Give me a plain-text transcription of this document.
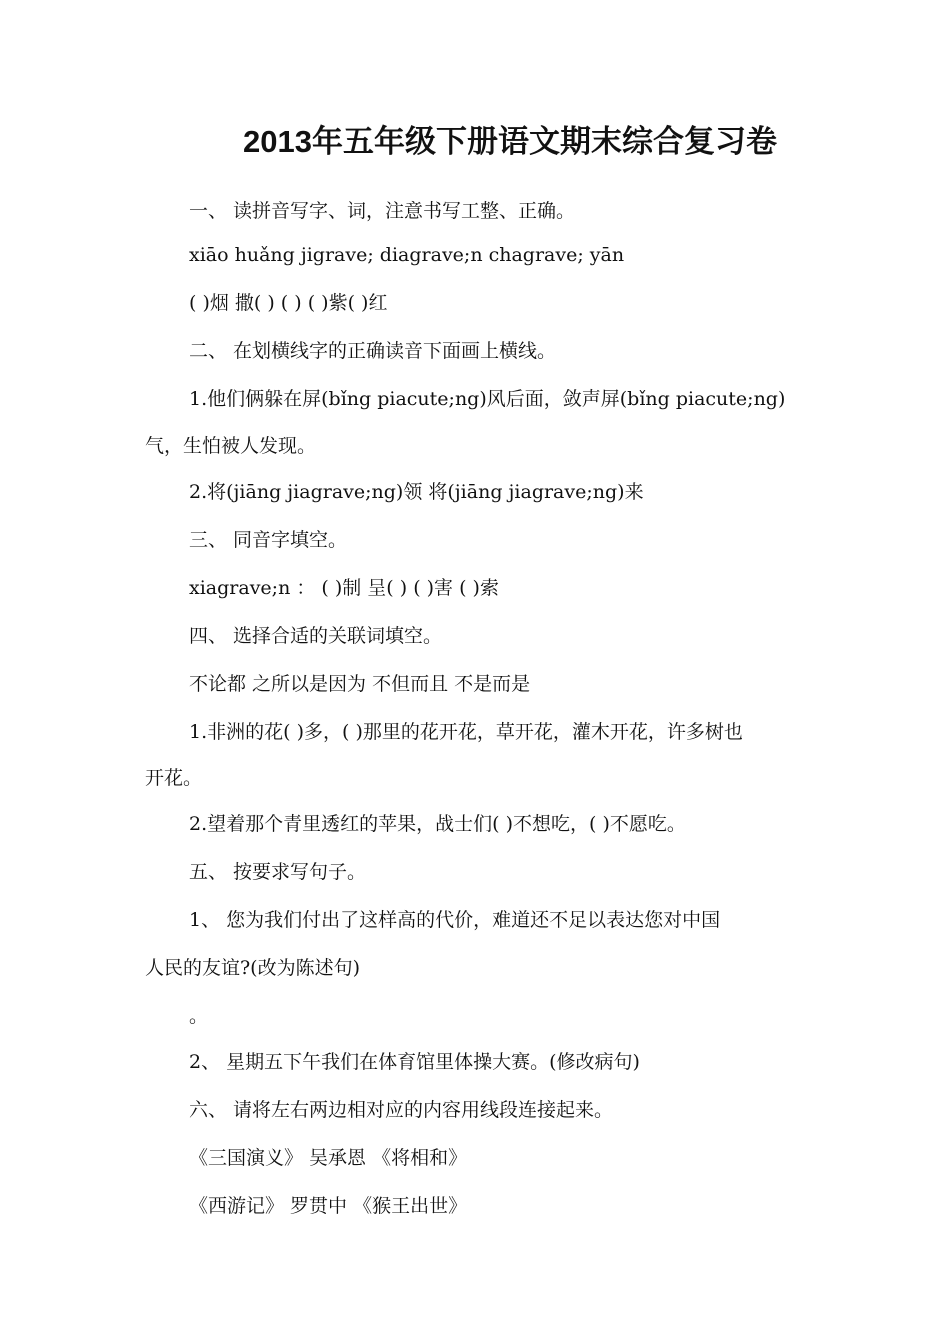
2013年五年级下册语文期末综合复习卷
一、 读拼音写字、词，注意书写工整、正确。
xiāo huǎng jigrave; diagrave;n chagrave; yān
( )烟 撒( ) ( ) ( )紫( )红
二、 在划横线字的正确读音下面画上横线。
1.他们俩躲在屏(bǐng piacute;ng)风后面，敛声屏(bǐng piacute;ng)
气，生怕被人发现。
2.将(jiāng jiagrave;ng)领 将(jiāng jiagrave;ng)来
三、 同音字填空。
xiagrave;n ： ( )制 呈( ) ( )害 ( )索
四、 选择合适的关联词填空。
不论都 之所以是因为 不但而且 不是而是
1.非洲的花( )多，( )那里的花开花，草开花，灌木开花，许多树也
开花。
2.望着那个青里透红的苹果，战士们( )不想吃，( )不愿吃。
五、 按要求写句子。
1、 您为我们付出了这样高的代价，难道还不足以表达您对中国
人民的友谊?(改为陈述句)
。
2、 星期五下午我们在体育馆里体操大赛。(修改病句)
六、 请将左右两边相对应的内容用线段连接起来。
《三国演义》 吴承恩 《将相和》
《西游记》 罗贯中 《猴王出世》
